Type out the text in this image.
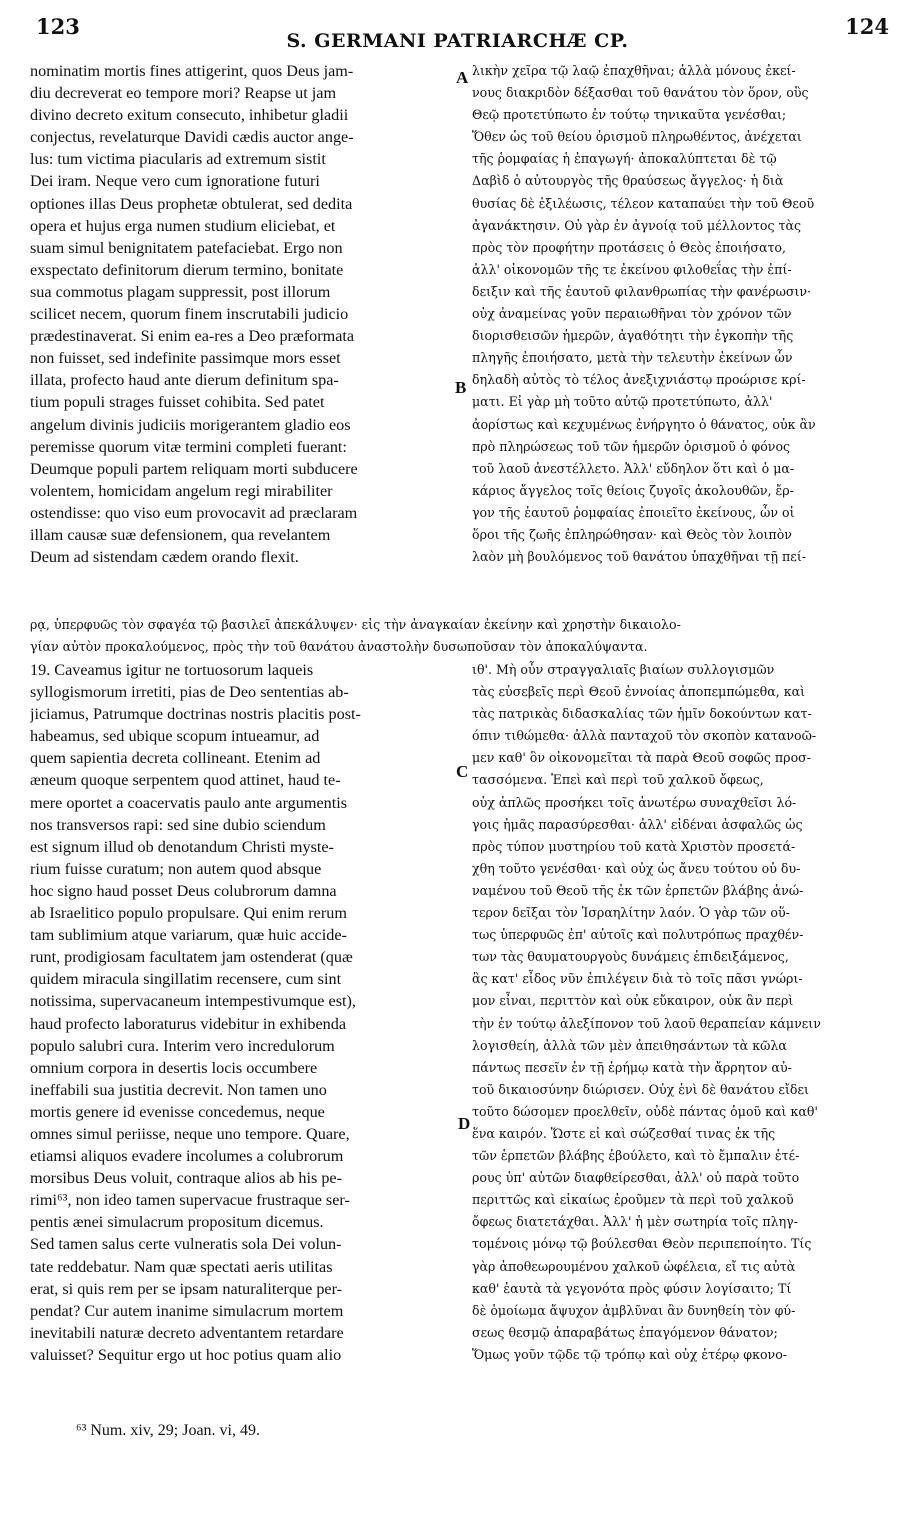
123
S. GERMANI PATRIARCHÆ CP.
124
nominatim mortis fines attigerint, quos Deus jam-
diu decreverat eo tempore mori? Reapse ut jam
divino decreto exitum consecuto, inhibetur gladii
conjectus, revelaturque Davidi cædis auctor ange-
lus: tum victima piacularis ad extremum sistit
Dei iram. Neque vero cum ignoratione futuri
optiones illas Deus prophetæ obtulerat, sed dedita
opera et hujus erga numen studium eliciebat, et
suam simul benignitatem patefaciebat. Ergo non
exspectato definitorum dierum termino, bonitate
sua commotus plagam suppressit, post illorum
scilicet necem, quorum finem inscrutabili judicio
prædestinaverat. Si enim ea-res a Deo præformata
non fuisset, sed indefinite passimque mors esset
illata, profecto haud ante dierum definitum spa-
tium populi strages fuisset cohibita. Sed patet
angelum divinis judiciis morigerantem gladio eos
peremisse quorum vitæ termini completi fuerant:
Deumque populi partem reliquam morti subducere
volentem, homicidam angelum regi mirabiliter
ostendisse: quo viso eum provocavit ad præclaram
illam causæ suæ defensionem, qua revelantem
Deum ad sistendam cædem orando flexit.
λικὴν χεῖρα τῷ λαῷ ἐπαχθῆναι; ἀλλὰ μόνους ἐκεί-
νους διακριδὸν δέξασθαι τοῦ θανάτου τὸν ὅρον, οὓς
Θεῷ προτετύπωτο ἐν τούτῳ τηνικαῦτα γενέσθαι;
Ὅθεν ὡς τοῦ θείου ὁρισμοῦ πληρωθέντος, ἀνέχεται
τῆς ῥομφαίας ἡ ἐπαγωγή· ἀποκαλύπτεται δὲ τῷ
Δαβὶδ ὁ αὐτουργὸς τῆς θραύσεως ἄγγελος· ἡ διὰ
θυσίας δὲ ἐξιλέωσις, τέλεον καταπαύει τὴν τοῦ Θεοῦ
ἀγανάκτησιν. Οὐ γὰρ ἐν ἀγνοίᾳ τοῦ μέλλοντος τὰς
πρὸς τὸν προφήτην προτάσεις ὁ Θεὸς ἐποιήσατο,
ἀλλ' οἰκονομῶν τῆς τε ἐκείνου φιλοθεΐας τὴν ἐπί-
δειξιν καὶ τῆς ἑαυτοῦ φιλανθρωπίας τὴν φανέρωσιν·
οὐχ ἀναμείνας γοῦν περαιωθῆναι τὸν χρόνον τῶν
διορισθεισῶν ἡμερῶν, ἀγαθότητι τὴν ἐγκοπὴν τῆς
πληγῆς ἐποιήσατο, μετὰ τὴν τελευτὴν ἐκείνων ὧν
δηλαδὴ αὐτὸς τὸ τέλος ἀνεξιχνιάστῳ προώρισε κρί-
ματι. Εἰ γὰρ μὴ τοῦτο αὐτῷ προτετύπωτο, ἀλλ'
ἀορίστως καὶ κεχυμένως ἐνήργητο ὁ θάνατος, οὐκ ἂν
πρὸ πληρώσεως τοῦ τῶν ἡμερῶν ὁρισμοῦ ὁ φόνος
τοῦ λαοῦ ἀνεστέλλετο. Ἀλλ' εὔδηλον ὅτι καὶ ὁ μα-
κάριος ἄγγελος τοῖς θείοις ζυγοῖς ἀκολουθῶν, ἔρ-
γον τῆς ἑαυτοῦ ῥομφαίας ἐποιεῖτο ἐκείνους, ὧν οἱ
ὅροι τῆς ζωῆς ἐπληρώθησαν· καὶ Θεὸς τὸν λοιπὸν
λαὸν μὴ βουλόμενος τοῦ θανάτου ὑπαχθῆναι τῇ πεί-
ρᾳ, ὑπερφυῶς τὸν σφαγέα τῷ βασιλεῖ ἀπεκάλυψεν· εἰς τὴν ἀναγκαίαν ἐκείνην καὶ χρηστὴν δικαιολο-
γίαν αὐτὸν προκαλούμενος, πρὸς τὴν τοῦ θανάτου ἀναστολὴν δυσωποῦσαν τὸν ἀποκαλύψαντα.
19. Caveamus igitur ne tortuosorum laqueis
syllogismorum irretiti, pias de Deo sententias ab-
jiciamus, Patrumque doctrinas nostris placitis post-
habeamus, sed ubique scopum intueamur, ad
quem sapientia decreta collineant. Etenim ad
æneum quoque serpentem quod attinet, haud te-
mere oportet a coacervatis paulo ante argumentis
nos transversos rapi: sed sine dubio sciendum
est signum illud ob denotandum Christi myste-
rium fuisse curatum; non autem quod absque
hoc signo haud posset Deus colubrorum damna
ab Israelitico populo propulsare. Qui enim rerum
tam sublimium atque variarum, quæ huic accide-
runt, prodigiosam facultatem jam ostenderat (quæ
quidem miracula singillatim recensere, cum sint
notissima, supervacaneum intempestivumque est),
haud profecto laboraturus videbitur in exhibenda
populo salubri cura. Interim vero incredulorum
omnium corpora in desertis locis occumbere
ineffabili sua justitia decrevit. Non tamen uno
mortis genere id evenisse concedemus, neque
omnes simul periisse, neque uno tempore. Quare,
etiamsi aliquos evadere incolumes a colubrorum
morsibus Deus voluit, contraque alios ab his pe-
rimi⁶³, non ideo tamen supervacue frustraque ser-
pentis ænei simulacrum propositum dicemus.
Sed tamen salus certe vulneratis sola Dei volun-
tate reddebatur. Nam quæ spectati aeris utilitas
erat, si quis rem per se ipsam naturaliterque per-
pendat? Cur autem inanime simulacrum mortem
inevitabili naturæ decreto adventantem retardare
valuisset? Sequitur ergo ut hoc potius quam alio
ιθ'. Μὴ οὖν στραγγαλιαῖς βιαίων συλλογισμῶν
τὰς εὐσεβεῖς περὶ Θεοῦ ἐννοίας ἀποπεμπώμεθα, καὶ
τὰς πατρικὰς διδασκαλίας τῶν ἡμῖν δοκούντων κατ-
όπιν τιθώμεθα· ἀλλὰ πανταχοῦ τὸν σκοπὸν κατανοῶ-
μεν καθ' ὃν οἰκονομεῖται τὰ παρὰ Θεοῦ σοφῶς προσ-
τασσόμενα. Ἐπεὶ καὶ περὶ τοῦ χαλκοῦ ὄφεως,
οὐχ ἁπλῶς προσήκει τοῖς ἀνωτέρω συναχθεῖσι λό-
γοις ἡμᾶς παρασύρεσθαι· ἀλλ' εἰδέναι ἀσφαλῶς ὡς
πρὸς τύπον μυστηρίου τοῦ κατὰ Χριστὸν προσετά-
χθη τοῦτο γενέσθαι· καὶ οὐχ ὡς ἄνευ τούτου οὐ δυ-
ναμένου τοῦ Θεοῦ τῆς ἐκ τῶν ἑρπετῶν βλάβης ἀνώ-
τερον δεῖξαι τὸν Ἰσραηλίτην λαόν. Ὁ γὰρ τῶν οὕ-
τως ὑπερφυῶς ἐπ' αὐτοῖς καὶ πολυτρόπως πραχθέν-
των τὰς θαυματουργοὺς δυνάμεις ἐπιδειξάμενος,
ἃς κατ' εἶδος νῦν ἐπιλέγειν διὰ τὸ τοῖς πᾶσι γνώρι-
μον εἶναι, περιττὸν καὶ οὐκ εὔκαιρον, οὐκ ἂν περὶ
τὴν ἐν τούτῳ ἀλεξίπονον τοῦ λαοῦ θεραπείαν κάμνειν
λογισθείη, ἀλλὰ τῶν μὲν ἀπειθησάντων τὰ κῶλα
πάντως πεσεῖν ἐν τῇ ἐρήμῳ κατὰ τὴν ἄρρητον αὐ-
τοῦ δικαιοσύνην διώρισεν. Οὐχ ἑνὶ δὲ θανάτου εἴδει
τοῦτο δώσομεν προελθεῖν, οὐδὲ πάντας ὁμοῦ καὶ καθ'
ἕνα καιρόν. Ὥστε εἰ καὶ σώζεσθαί τινας ἐκ τῆς
τῶν ἑρπετῶν βλάβης ἐβούλετο, καὶ τὸ ἔμπαλιν ἑτέ-
ρους ὑπ' αὐτῶν διαφθείρεσθαι, ἀλλ' οὐ παρὰ τοῦτο
περιττῶς καὶ εἰκαίως ἐροῦμεν τὰ περὶ τοῦ χαλκοῦ
ὄφεως διατετάχθαι. Ἀλλ' ἡ μὲν σωτηρία τοῖς πληγ-
τομένοις μόνῳ τῷ βούλεσθαι Θεὸν περιπεποίητο. Τίς
γὰρ ἀποθεωρουμένου χαλκοῦ ὠφέλεια, εἴ τις αὐτὰ
καθ' ἑαυτὰ τὰ γεγονότα πρὸς φύσιν λογίσαιτο; Τί
δὲ ὁμοίωμα ἄψυχον ἀμβλῦναι ἂν δυνηθείη τὸν φύ-
σεως θεσμῷ ἀπαραβάτως ἐπαγόμενον θάνατον;
Ὅμως γοῦν τῷδε τῷ τρόπῳ καὶ οὐχ ἑτέρῳ φκονο-
A
B
C
D
⁶³ Num. xiv, 29; Joan. vi, 49.
